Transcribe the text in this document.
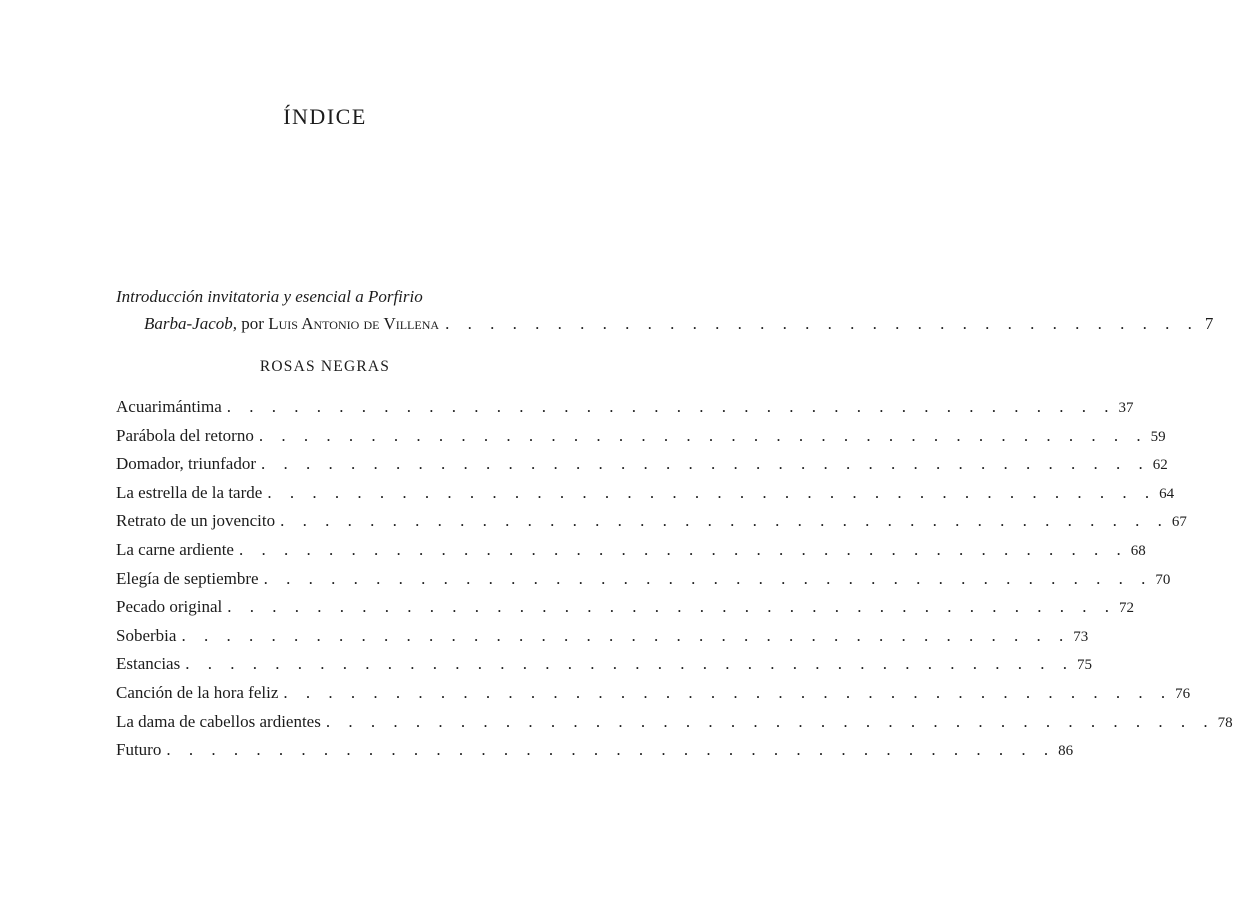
ÍNDICE
Introducción invitatoria y esencial a Porfirio
Barba-Jacob,
por
Luis Antonio de Villena . . . . . . . . . . . . . . . . . . . . . . . . . . . . . . . . . . 7
ROSAS NEGRAS
Acuarimántima . . . . . . . . . . . . . . . . . . . . . . . . . . . . . . . . . . . . . . . . 37
Parábola del retorno . . . . . . . . . . . . . . . . . . . . . . . . . . . . . . . . . . . . . . . . 59
Domador, triunfador . . . . . . . . . . . . . . . . . . . . . . . . . . . . . . . . . . . . . . . . 62
La estrella de la tarde . . . . . . . . . . . . . . . . . . . . . . . . . . . . . . . . . . . . . . . . 64
Retrato de un jovencito . . . . . . . . . . . . . . . . . . . . . . . . . . . . . . . . . . . . . . . . 67
La carne ardiente . . . . . . . . . . . . . . . . . . . . . . . . . . . . . . . . . . . . . . . . 68
Elegía de septiembre . . . . . . . . . . . . . . . . . . . . . . . . . . . . . . . . . . . . . . . . 70
Pecado original . . . . . . . . . . . . . . . . . . . . . . . . . . . . . . . . . . . . . . . . 72
Soberbia . . . . . . . . . . . . . . . . . . . . . . . . . . . . . . . . . . . . . . . . 73
Estancias . . . . . . . . . . . . . . . . . . . . . . . . . . . . . . . . . . . . . . . . 75
Canción de la hora feliz . . . . . . . . . . . . . . . . . . . . . . . . . . . . . . . . . . . . . . . . 76
La dama de cabellos ardientes . . . . . . . . . . . . . . . . . . . . . . . . . . . . . . . . . . . . . . . . 78
Futuro . . . . . . . . . . . . . . . . . . . . . . . . . . . . . . . . . . . . . . . . 86
